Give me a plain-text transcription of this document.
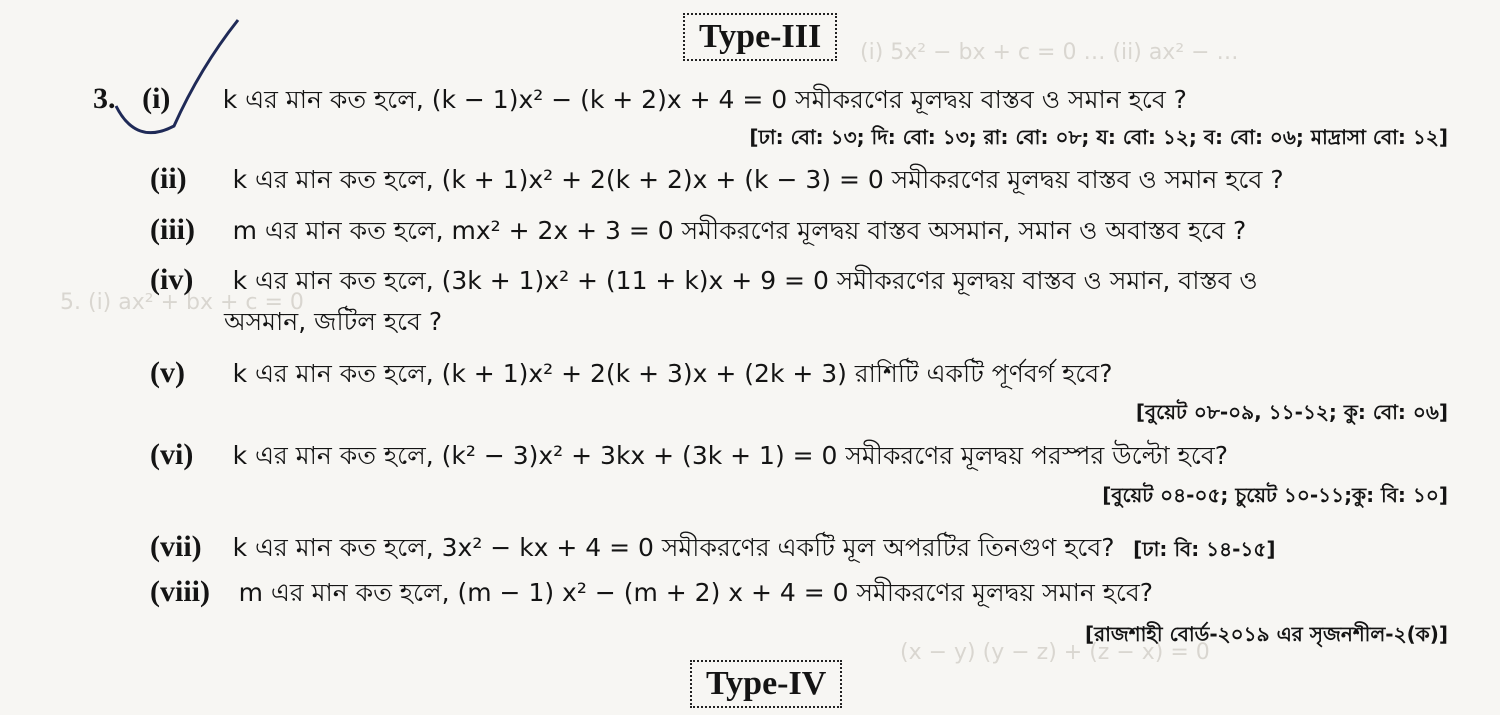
(i) 5x² − bx + c = 0 … (ii) ax² − …
5. (i) ax² + bx + c = 0
(x − y) (y − z) + (z − x) = 0
Type-III
3. (i) k এর মান কত হলে, (k − 1)x² − (k + 2)x + 4 = 0 সমীকরণের মূলদ্বয় বাস্তব ও সমান হবে ?
[ঢা: বো: ১৩; দি: বো: ১৩; রা: বো: ০৮; য: বো: ১২; ব: বো: ০৬; মাদ্রাসা বো: ১২]
(ii) k এর মান কত হলে, (k + 1)x² + 2(k + 2)x + (k − 3) = 0 সমীকরণের মূলদ্বয় বাস্তব ও সমান হবে ?
(iii) m এর মান কত হলে, mx² + 2x + 3 = 0 সমীকরণের মূলদ্বয় বাস্তব অসমান, সমান ও অবাস্তব হবে ?
(iv) k এর মান কত হলে, (3k + 1)x² + (11 + k)x + 9 = 0 সমীকরণের মূলদ্বয় বাস্তব ও সমান, বাস্তব ও
অসমান, জটিল হবে ?
(v) k এর মান কত হলে, (k + 1)x² + 2(k + 3)x + (2k + 3) রাশিটি একটি পূর্ণবর্গ হবে?
[বুয়েট ০৮-০৯, ১১-১২; কু: বো: ০৬]
(vi) k এর মান কত হলে, (k² − 3)x² + 3kx + (3k + 1) = 0 সমীকরণের মূলদ্বয় পরস্পর উল্টো হবে?
[বুয়েট ০৪-০৫; চুয়েট ১০-১১;কু: বি: ১০]
(vii) k এর মান কত হলে, 3x² − kx + 4 = 0 সমীকরণের একটি মূল অপরটির তিনগুণ হবে? [ঢা: বি: ১৪-১৫]
(viii) m এর মান কত হলে, (m − 1) x² − (m + 2) x + 4 = 0 সমীকরণের মূলদ্বয় সমান হবে?
[রাজশাহী বোর্ড-২০১৯ এর সৃজনশীল-২(ক)]
Type-IV
